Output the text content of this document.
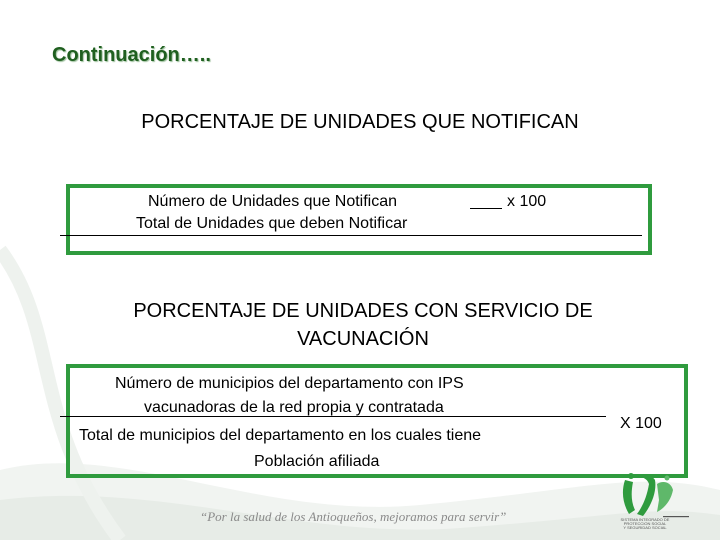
Continuación…..
PORCENTAJE DE UNIDADES QUE NOTIFICAN
Número de Unidades que Notifican	x 100
Total de Unidades que deben Notificar
PORCENTAJE DE UNIDADES CON SERVICIO DE
VACUNACIÓN
Número de municipios del departamento con IPS
vacunadoras de la red propia y contratada
X 100
Total de municipios del departamento en los cuales tiene
Población afiliada
“Por la salud de los Antioqueños, mejoramos para servir”	SISTEMA INTEGRADO DE
PROTECCION SOCIAL
Y SEGURIDAD SOCIAL
